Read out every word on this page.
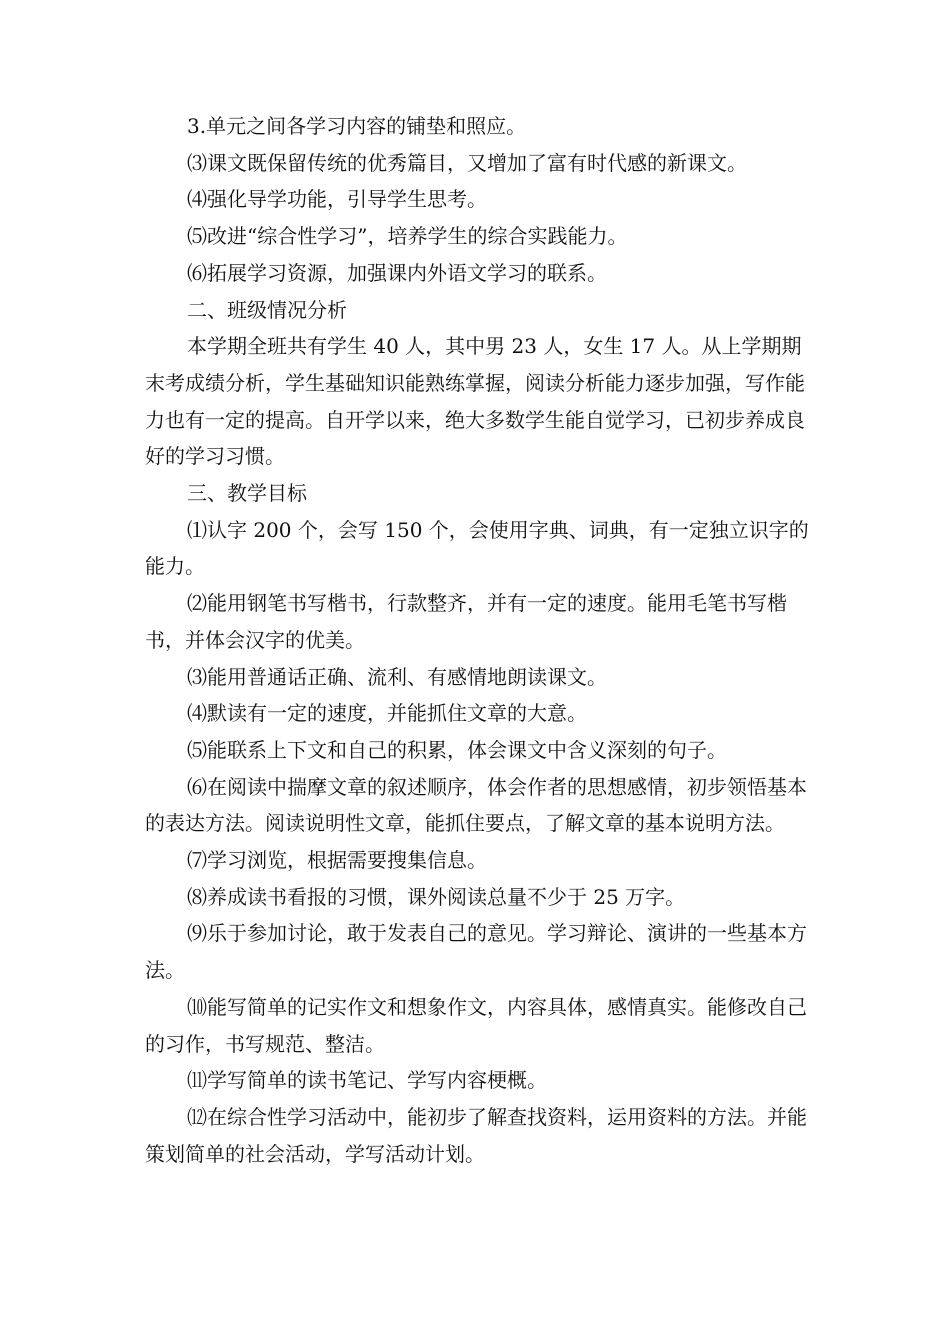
3.单元之间各学习内容的铺垫和照应。

⑶课文既保留传统的优秀篇目，又增加了富有时代感的新课文。

⑷强化导学功能，引导学生思考。

⑸改进“综合性学习”，培养学生的综合实践能力。

⑹拓展学习资源，加强课内外语文学习的联系。

二、班级情况分析

本学期全班共有学生 40 人，其中男 23 人，女生 17 人。从上学期期末考成绩分析，学生基础知识能熟练掌握，阅读分析能力逐步加强，写作能力也有一定的提高。自开学以来，绝大多数学生能自觉学习，已初步养成良好的学习习惯。

三、教学目标

⑴认字 200 个，会写 150 个，会使用字典、词典，有一定独立识字的能力。

⑵能用钢笔书写楷书，行款整齐，并有一定的速度。能用毛笔书写楷书，并体会汉字的优美。

⑶能用普通话正确、流利、有感情地朗读课文。

⑷默读有一定的速度，并能抓住文章的大意。

⑸能联系上下文和自己的积累，体会课文中含义深刻的句子。

⑹在阅读中揣摩文章的叙述顺序，体会作者的思想感情，初步领悟基本的表达方法。阅读说明性文章，能抓住要点，了解文章的基本说明方法。

⑺学习浏览，根据需要搜集信息。

⑻养成读书看报的习惯，课外阅读总量不少于 25 万字。

⑼乐于参加讨论，敢于发表自己的意见。学习辩论、演讲的一些基本方法。

⑽能写简单的记实作文和想象作文，内容具体，感情真实。能修改自己的习作，书写规范、整洁。

⑾学写简单的读书笔记、学写内容梗概。

⑿在综合性学习活动中，能初步了解查找资料，运用资料的方法。并能策划简单的社会活动，学写活动计划。
